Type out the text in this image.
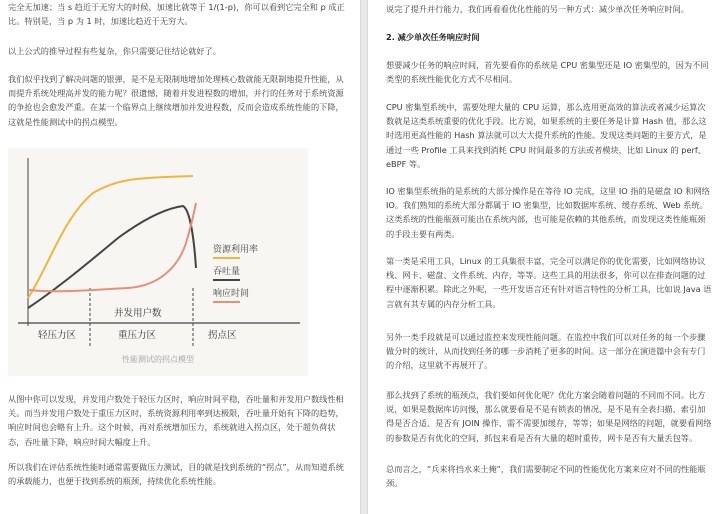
完全无加速；当 s 趋近于无穷大的时候，加速比就等于 1/(1-p)，你可以看到它完全和 p 成正比。特别是，当 p 为 1 时，加速比趋近于无穷大。

以上公式的推导过程有些复杂，你只需要记住结论就好了。

我们似乎找到了解决问题的银弹，是不是无限制地增加处理核心数就能无限制地提升性能，从而提升系统处理高并发的能力呢？很遗憾，随着并发进程数的增加，并行的任务对于系统资源的争抢也会愈发严重。在某一个临界点上继续增加并发进程数，反而会造成系统性能的下降，这就是性能测试中的拐点模型。

资源利用率
吞吐量
响应时间
轻压力区
并发用户数
重压力区	拐点区
性能测试的拐点模型

从图中你可以发现，并发用户数处于轻压力区时，响应时间平稳，吞吐量和并发用户数线性相关。而当并发用户数处于重压力区时，系统资源利用率到达极限，吞吐量开始有下降的趋势，响应时间也会略有上升。这个时候，再对系统增加压力，系统就进入拐点区，处于超负荷状态，吞吐量下降，响应时间大幅度上升。

所以我们在评估系统性能时通常需要做压力测试，目的就是找到系统的“拐点”，从而知道系统的承载能力，也便于找到系统的瓶颈，持续优化系统性能。

说完了提升并行能力，我们再看看优化性能的另一种方式：减少单次任务响应时间。

2. 减少单次任务响应时间

想要减少任务的响应时间，首先要看你的系统是 CPU 密集型还是 IO 密集型的，因为不同类型的系统性能优化方式不尽相同。

CPU 密集型系统中，需要处理大量的 CPU 运算，那么选用更高效的算法或者减少运算次数就是这类系统重要的优化手段。比方说，如果系统的主要任务是计算 Hash 值，那么这时选用更高性能的 Hash 算法就可以大大提升系统的性能。发现这类问题的主要方式，是通过一些 Profile 工具来找到消耗 CPU 时间最多的方法或者模块，比如 Linux 的 perf、eBPF 等。

IO 密集型系统指的是系统的大部分操作是在等待 IO 完成，这里 IO 指的是磁盘 IO 和网络 IO。我们熟知的系统大部分都属于 IO 密集型，比如数据库系统、缓存系统、Web 系统。这类系统的性能瓶颈可能出在系统内部，也可能是依赖的其他系统，而发现这类性能瓶颈的手段主要有两类。

第一类是采用工具，Linux 的工具集很丰富，完全可以满足你的优化需要，比如网络协议栈、网卡、磁盘、文件系统、内存，等等。这些工具的用法很多，你可以在排查问题的过程中逐渐积累。除此之外呢，一些开发语言还有针对语言特性的分析工具，比如说 Java 语言就有其专属的内存分析工具。

另外一类手段就是可以通过监控来发现性能问题。在监控中我们可以对任务的每一个步骤做分时的统计，从而找到任务的哪一步消耗了更多的时间。这一部分在演进篇中会有专门的介绍，这里就不再展开了。

那么找到了系统的瓶颈点，我们要如何优化呢？优化方案会随着问题的不同而不同。比方说，如果是数据库访问慢，那么就要看是不是有锁表的情况、是不是有全表扫描、索引加得是否合适、是否有 JOIN 操作、需不需要加缓存，等等；如果是网络的问题，就要看网络的参数是否有优化的空间，抓包来看是否有大量的超时重传，网卡是否有大量丢包等。

总而言之，“兵来将挡水来土掩”，我们需要制定不同的性能优化方案来应对不同的性能瓶颈。
